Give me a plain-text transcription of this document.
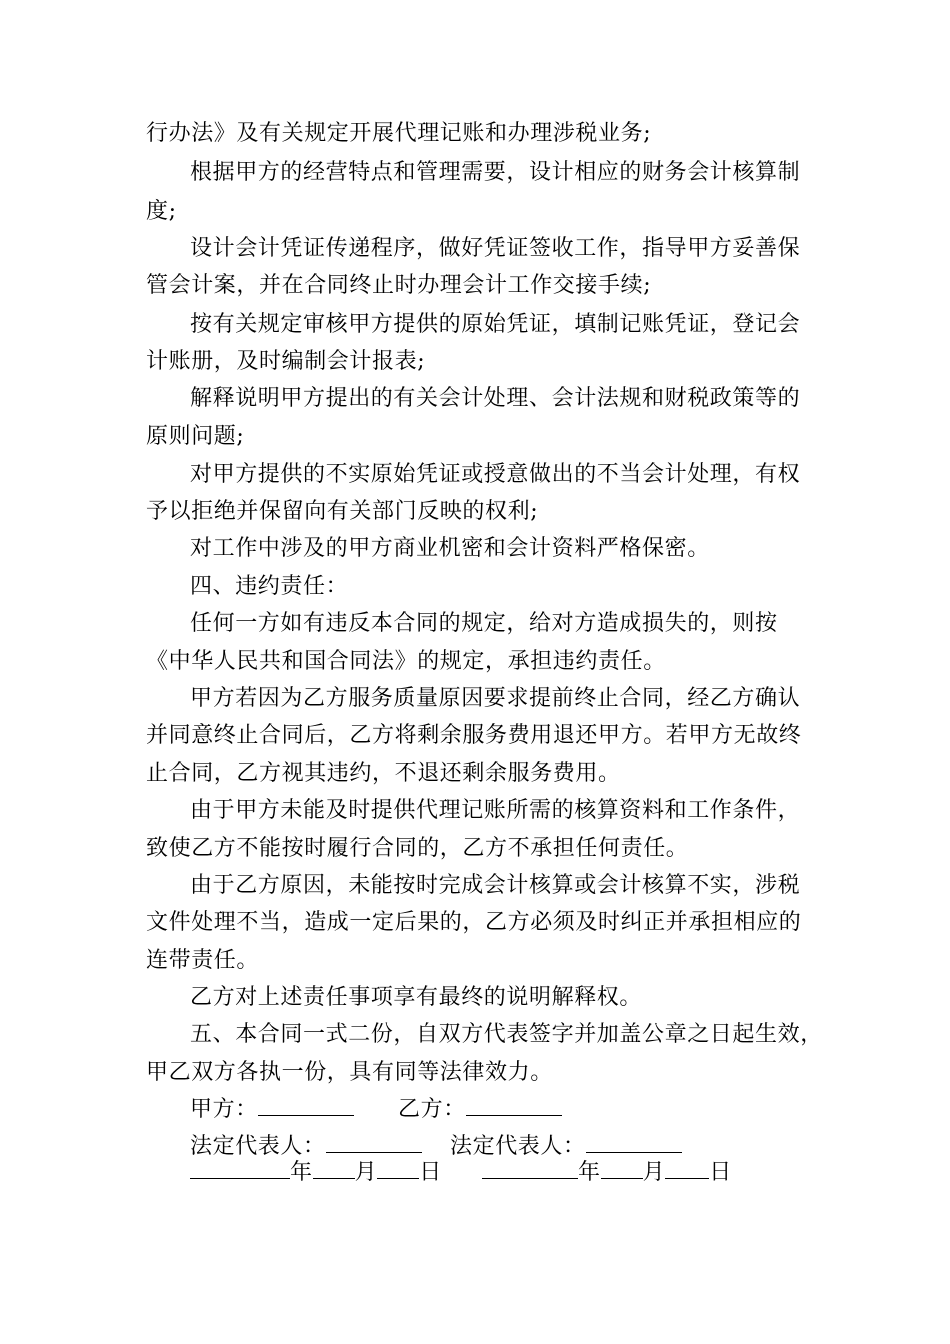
行办法》及有关规定开展代理记账和办理涉税业务;
根据甲方的经营特点和管理需要，设计相应的财务会计核算制
度;
设计会计凭证传递程序，做好凭证签收工作，指导甲方妥善保
管会计案，并在合同终止时办理会计工作交接手续;
按有关规定审核甲方提供的原始凭证，填制记账凭证，登记会
计账册，及时编制会计报表;
解释说明甲方提出的有关会计处理、会计法规和财税政策等的
原则问题;
对甲方提供的不实原始凭证或授意做出的不当会计处理，有权
予以拒绝并保留向有关部门反映的权利;
对工作中涉及的甲方商业机密和会计资料严格保密。
四、违约责任：
任何一方如有违反本合同的规定，给对方造成损失的，则按
《中华人民共和国合同法》的规定，承担违约责任。
甲方若因为乙方服务质量原因要求提前终止合同，经乙方确认
并同意终止合同后，乙方将剩余服务费用退还甲方。若甲方无故终
止合同，乙方视其违约，不退还剩余服务费用。
由于甲方未能及时提供代理记账所需的核算资料和工作条件，
致使乙方不能按时履行合同的，乙方不承担任何责任。
由于乙方原因，未能按时完成会计核算或会计核算不实，涉税
文件处理不当，造成一定后果的，乙方必须及时纠正并承担相应的
连带责任。
乙方对上述责任事项享有最终的说明解释权。
五、本合同一式二份，自双方代表签字并加盖公章之日起生效，
甲乙双方各执一份，具有同等法律效力。
甲方：	乙方：
法定代表人：	法定代表人：
年 月 日	年 月 日
